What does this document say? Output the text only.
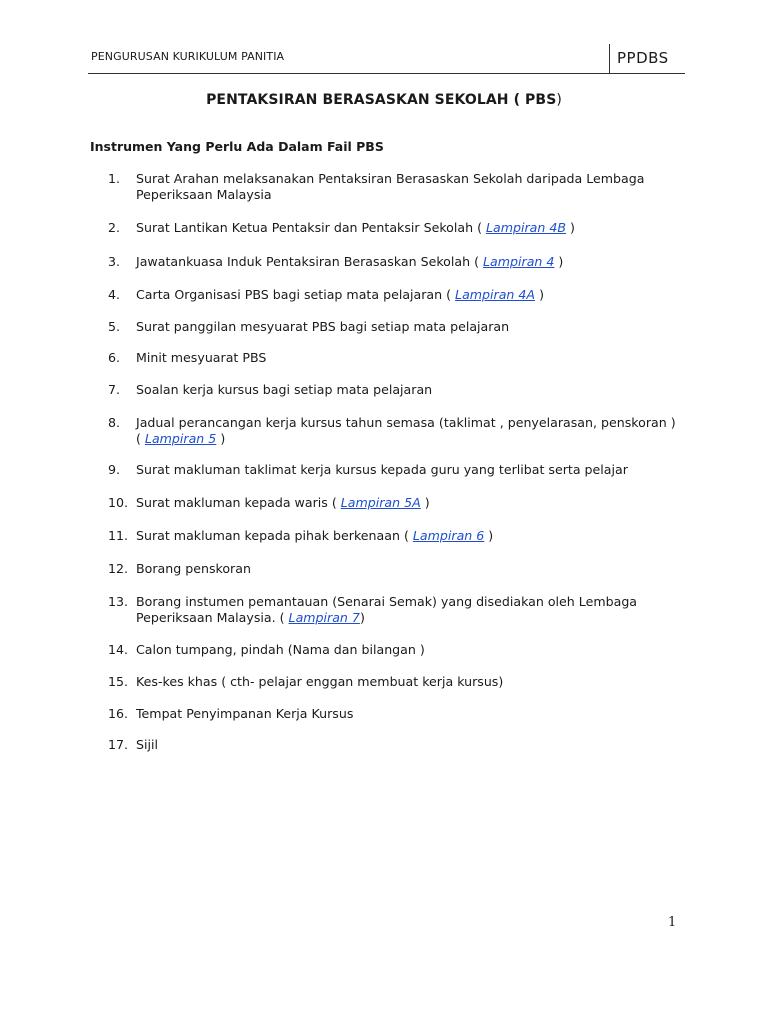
PENGURUSAN KURIKULUM PANITIA	PPDBS
PENTAKSIRAN BERASASKAN SEKOLAH ( PBS)
Instrumen Yang Perlu Ada Dalam Fail PBS
1.	Surat Arahan melaksanakan Pentaksiran Berasaskan Sekolah daripada Lembaga
Peperiksaan Malaysia
2.	Surat Lantikan Ketua Pentaksir dan Pentaksir Sekolah ( Lampiran 4B )
3.	Jawatankuasa Induk Pentaksiran Berasaskan Sekolah ( Lampiran 4 )
4.	Carta Organisasi PBS bagi setiap mata pelajaran ( Lampiran 4A )
5.	Surat panggilan mesyuarat PBS bagi setiap mata pelajaran
6.	Minit mesyuarat PBS
7.	Soalan kerja kursus bagi setiap mata pelajaran
8.	Jadual perancangan kerja kursus tahun semasa (taklimat , penyelarasan, penskoran )
( Lampiran 5 )
9.	Surat makluman taklimat kerja kursus kepada guru yang terlibat serta pelajar
10. Surat makluman kepada waris ( Lampiran 5A )
11. Surat makluman kepada pihak berkenaan ( Lampiran 6 )
12. Borang penskoran
13. Borang instumen pemantauan (Senarai Semak) yang disediakan oleh Lembaga
Peperiksaan Malaysia. ( Lampiran 7)
14. Calon tumpang, pindah (Nama dan bilangan )
15. Kes-kes khas ( cth- pelajar enggan membuat kerja kursus)
16. Tempat Penyimpanan Kerja Kursus
17. Sijil
1
